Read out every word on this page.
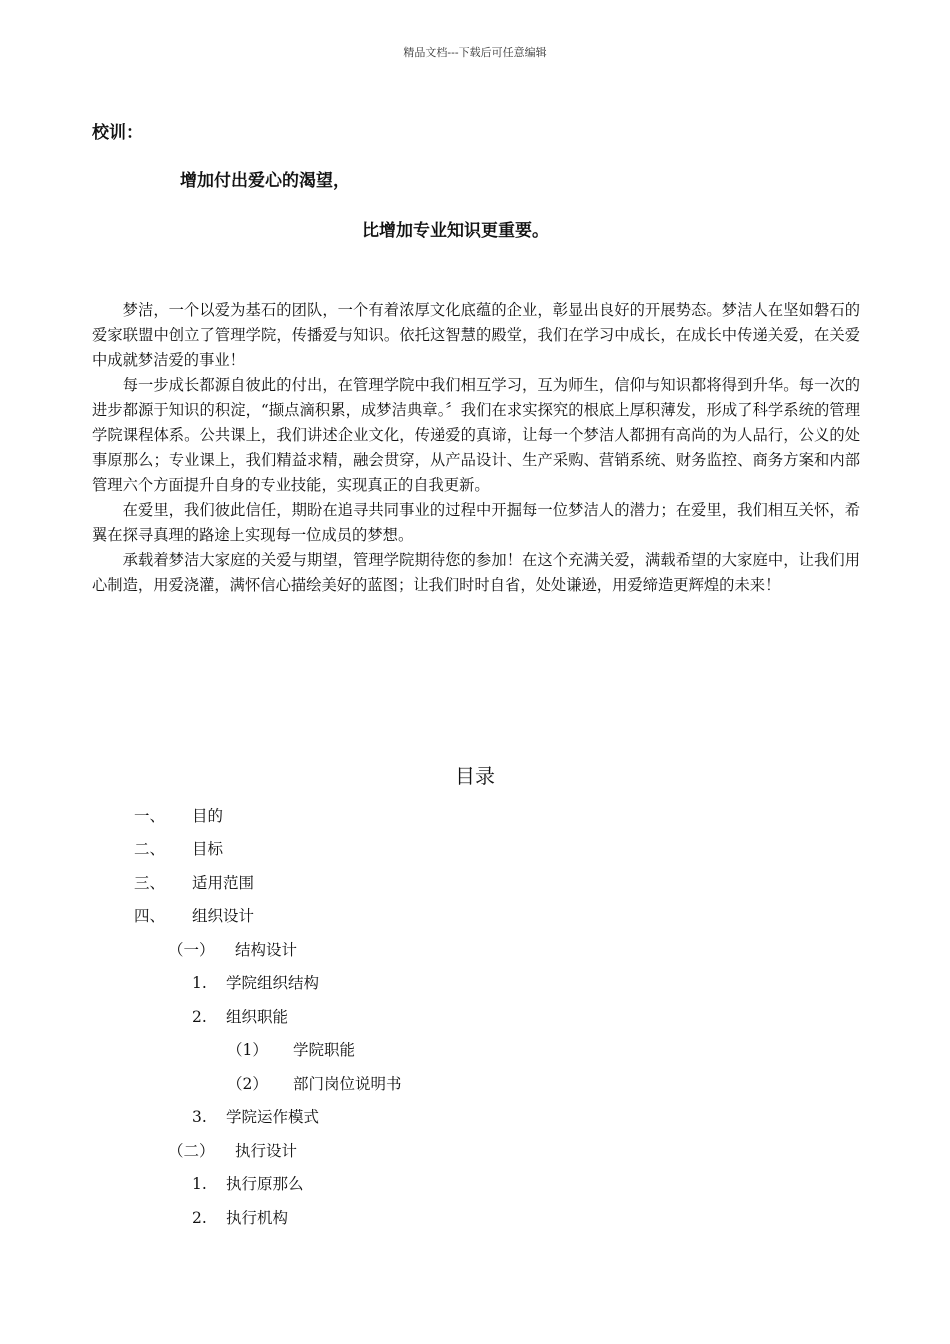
精品文档---下载后可任意编辑
校训：
增加付出爱心的渴望，
比增加专业知识更重要。

梦洁，一个以爱为基石的团队，一个有着浓厚文化底蕴的企业，彰显出良好的开展势态。梦洁人在坚如磐石的爱家联盟中创立了管理学院，传播爱与知识。依托这智慧的殿堂，我们在学习中成长，在成长中传递关爱，在关爱中成就梦洁爱的事业！

每一步成长都源自彼此的付出，在管理学院中我们相互学习，互为师生，信仰与知识都将得到升华。每一次的进步都源于知识的积淀，“撷点滴积累，成梦洁典章。〞我们在求实探究的根底上厚积薄发，形成了科学系统的管理学院课程体系。公共课上，我们讲述企业文化，传递爱的真谛，让每一个梦洁人都拥有高尚的为人品行，公义的处事原那么；专业课上，我们精益求精，融会贯穿，从产品设计、生产采购、营销系统、财务监控、商务方案和内部管理六个方面提升自身的专业技能，实现真正的自我更新。

在爱里，我们彼此信任，期盼在追寻共同事业的过程中开掘每一位梦洁人的潜力；在爱里，我们相互关怀，希翼在探寻真理的路途上实现每一位成员的梦想。

承载着梦洁大家庭的关爱与期望，管理学院期待您的参加！在这个充满关爱，满载希望的大家庭中，让我们用心制造，用爱浇灌，满怀信心描绘美好的蓝图；让我们时时自省，处处谦逊，用爱缔造更辉煌的未来！

目录
一、 目的
二、 目标
三、 适用范围
四、 组织设计
（一） 结构设计
1. 学院组织结构
2. 组织职能
（1） 学院职能
（2） 部门岗位说明书
3. 学院运作模式
（二） 执行设计
1. 执行原那么
2. 执行机构
